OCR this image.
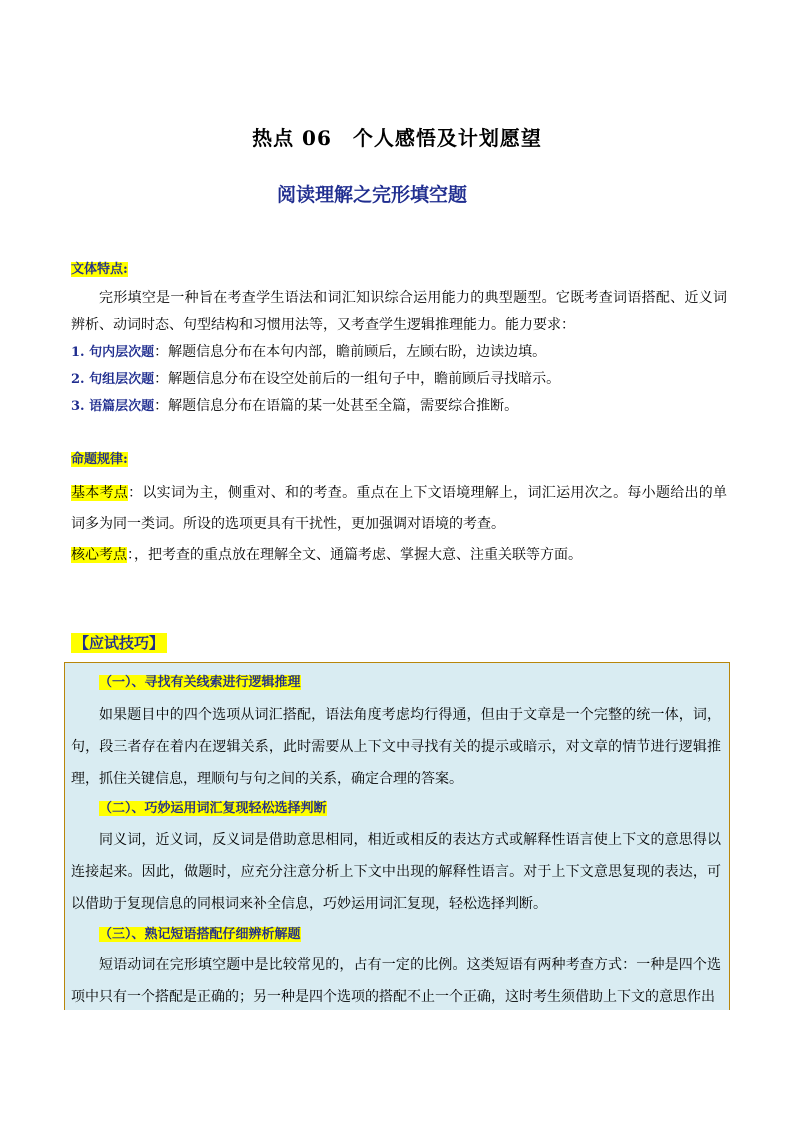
热点 06　个人感悟及计划愿望
阅读理解之完形填空题
文体特点:
完形填空是一种旨在考查学生语法和词汇知识综合运用能力的典型题型。它既考查词语搭配、近义词辨析、动词时态、句型结构和习惯用法等，又考查学生逻辑推理能力。能力要求：
1. 句内层次题：解题信息分布在本句内部，瞻前顾后，左顾右盼，边读边填。
2. 句组层次题：解题信息分布在设空处前后的一组句子中，瞻前顾后寻找暗示。
3. 语篇层次题：解题信息分布在语篇的某一处甚至全篇，需要综合推断。
命题规律:
基本考点：以实词为主，侧重对、和的考查。重点在上下文语境理解上，词汇运用次之。每小题给出的单词多为同一类词。所设的选项更具有干扰性，更加强调对语境的考查。
核心考点：，把考查的重点放在理解全文、通篇考虑、掌握大意、注重关联等方面。
【应试技巧】
（一）、寻找有关线索进行逻辑推理
如果题目中的四个选项从词汇搭配，语法角度考虑均行得通，但由于文章是一个完整的统一体，词，句，段三者存在着内在逻辑关系，此时需要从上下文中寻找有关的提示或暗示，对文章的情节进行逻辑推理，抓住关键信息，理顺句与句之间的关系，确定合理的答案。
（二）、巧妙运用词汇复现轻松选择判断
同义词，近义词，反义词是借助意思相同，相近或相反的表达方式或解释性语言使上下文的意思得以连接起来。因此，做题时，应充分注意分析上下文中出现的解释性语言。对于上下文意思复现的表达，可以借助于复现信息的同根词来补全信息，巧妙运用词汇复现，轻松选择判断。
（三）、熟记短语搭配仔细辨析解题
短语动词在完形填空题中是比较常见的，占有一定的比例。这类短语有两种考查方式：一种是四个选项中只有一个搭配是正确的；另一种是四个选项的搭配不止一个正确，这时考生须借助上下文的意思作出
